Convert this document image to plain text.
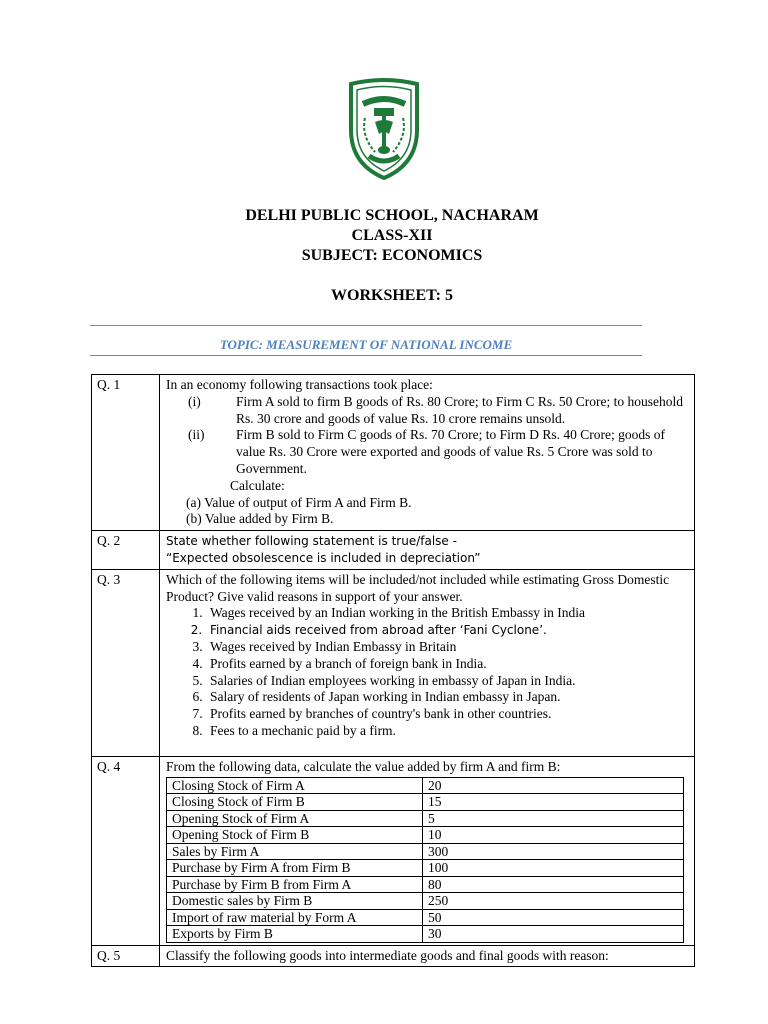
DELHI PUBLIC SCHOOL, NACHARAM
CLASS-XII
SUBJECT: ECONOMICS
WORKSHEET: 5
TOPIC: MEASUREMENT OF NATIONAL INCOME
Q. 1	In an economy following transactions took place:
(i)	Firm A sold to firm B goods of Rs. 80 Crore; to Firm C Rs. 50 Crore; to household Rs. 30 crore and goods of value Rs. 10 crore remains unsold.
(ii)	Firm B sold to Firm C goods of Rs. 70 Crore; to Firm D Rs. 40 Crore; goods of value Rs. 30 Crore were exported and goods of value Rs. 5 Crore was sold to Government.
Calculate:
(a) Value of output of Firm A and Firm B.
(b) Value added by Firm B.

Q. 2	State whether following statement is true/false -
“Expected obsolescence is included in depreciation”

Q. 3	Which of the following items will be included/not included while estimating Gross Domestic Product? Give valid reasons in support of your answer.
1. Wages received by an Indian working in the British Embassy in India
2. Financial aids received from abroad after ‘Fani Cyclone’.
3. Wages received by Indian Embassy in Britain
4. Profits earned by a branch of foreign bank in India.
5. Salaries of Indian employees working in embassy of Japan in India.
6. Salary of residents of Japan working in Indian embassy in Japan.
7. Profits earned by branches of country's bank in other countries.
8. Fees to a mechanic paid by a firm.

Q. 4	From the following data, calculate the value added by firm A and firm B:
Closing Stock of Firm A	20
Closing Stock of Firm B	15
Opening Stock of Firm A	5
Opening Stock of Firm B	10
Sales by Firm A	300
Purchase by Firm A from Firm B	100
Purchase by Firm B from Firm A	80
Domestic sales by Firm B	250
Import of raw material by Form A	50
Exports by Firm B	30

Q. 5	Classify the following goods into intermediate goods and final goods with reason:
